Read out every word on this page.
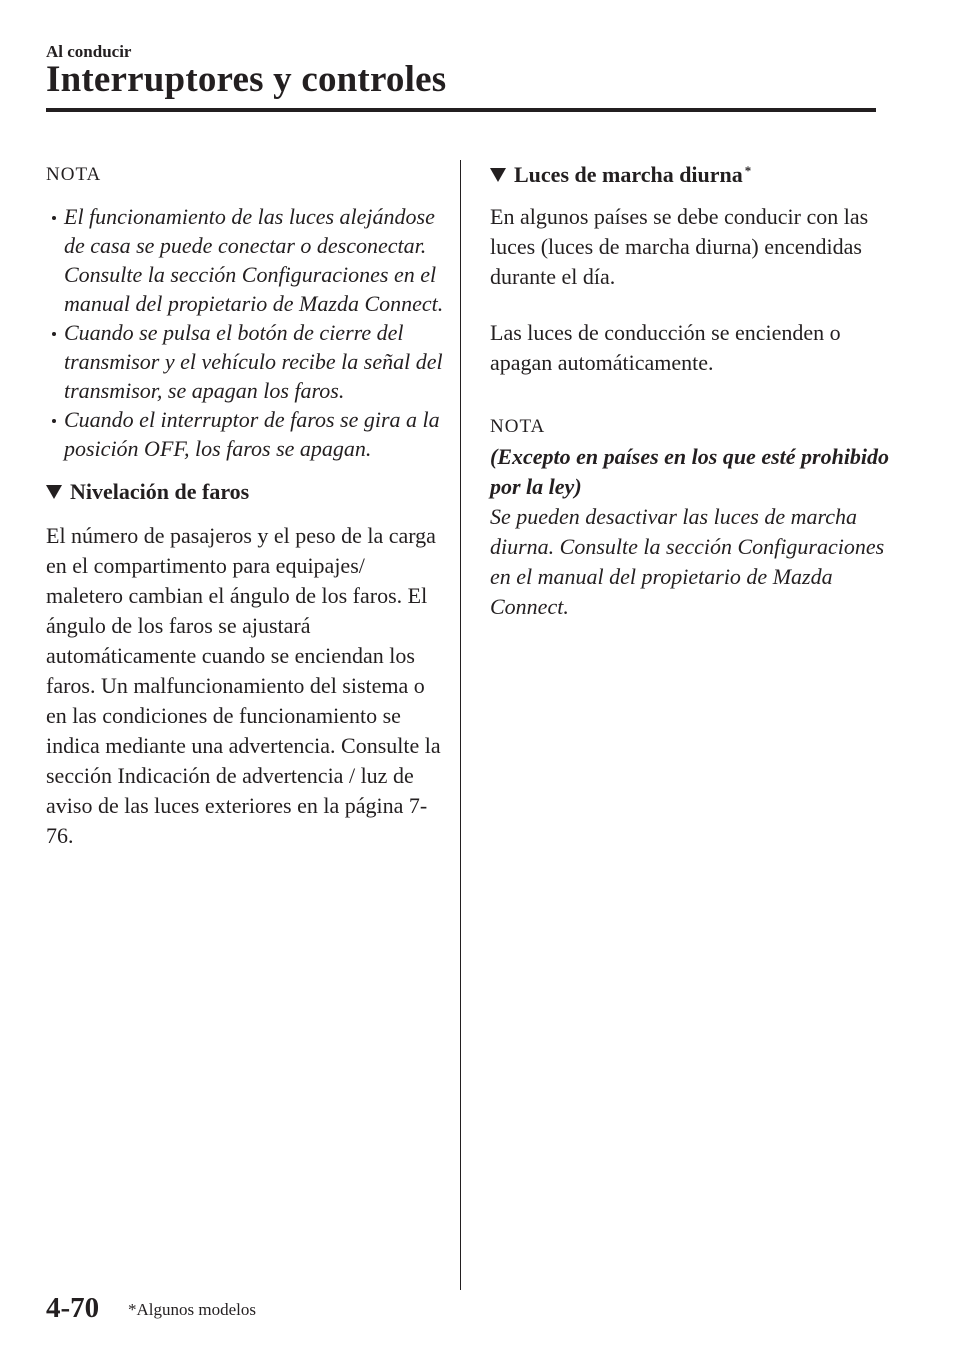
Al conducir
Interruptores y controles

NOTA

El funcionamiento de las luces alejándose de casa se puede conectar o desconectar. Consulte la sección Configuraciones en el manual del propietario de Mazda Connect.
Cuando se pulsa el botón de cierre del transmisor y el vehículo recibe la señal del transmisor, se apagan los faros.
Cuando el interruptor de faros se gira a la posición OFF, los faros se apagan.
Nivelación de faros

El número de pasajeros y el peso de la carga en el compartimento para equipajes/ maletero cambian el ángulo de los faros. El ángulo de los faros se ajustará automáticamente cuando se enciendan los faros. Un malfuncionamiento del sistema o en las condiciones de funcionamiento se indica mediante una advertencia. Consulte la sección Indicación de advertencia / luz de aviso de las luces exteriores en la página 7-76.

Luces de marcha diurna*

En algunos países se debe conducir con las luces (luces de marcha diurna) encendidas durante el día.

Las luces de conducción se encienden o apagan automáticamente.

NOTA

(Excepto en países en los que esté prohibido por la ley)

Se pueden desactivar las luces de marcha diurna. Consulte la sección Configuraciones en el manual del propietario de Mazda Connect.

4-70 *Algunos modelos
